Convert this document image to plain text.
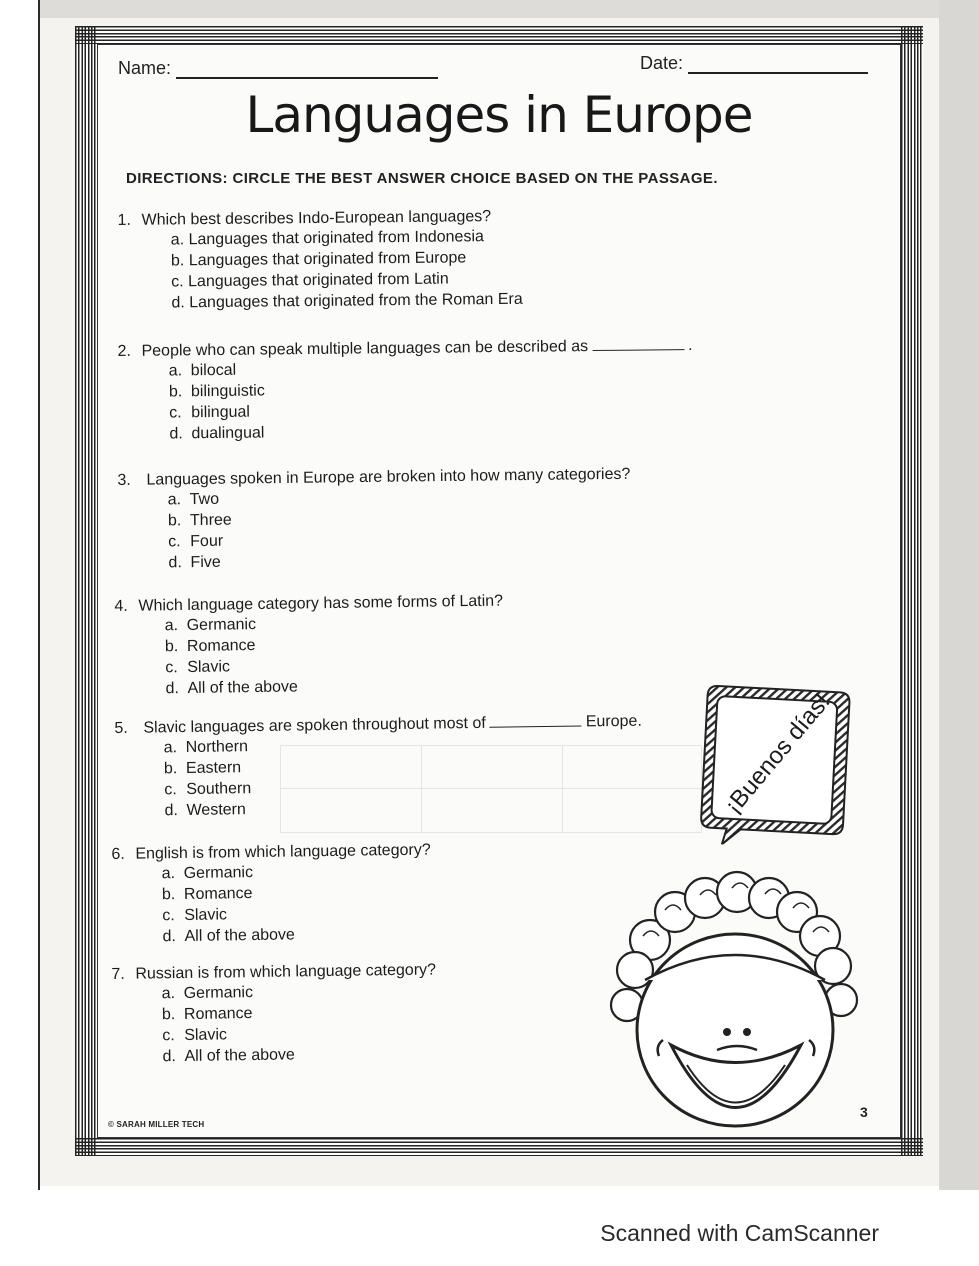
Name:	Date:
Languages in Europe
DIRECTIONS: CIRCLE THE BEST ANSWER CHOICE BASED ON THE PASSAGE.
1. Which best describes Indo-European languages?
a. Languages that originated from Indonesia
b. Languages that originated from Europe
c. Languages that originated from Latin
d. Languages that originated from the Roman Era
2. People who can speak multiple languages can be described as	.
a. bilocal
b. bilinguistic
c. bilingual
d. dualingual
3. Languages spoken in Europe are broken into how many categories?
a. Two
b. Three
c. Four
d. Five
4. Which language category has some forms of Latin?
a. Germanic
b. Romance
c. Slavic
d. All of the above
5. Slavic languages are spoken throughout most of	Europe.
a. Northern
b. Eastern
c. Southern
d. Western
6. English is from which language category?
a. Germanic
b. Romance
c. Slavic
d. All of the above
7. Russian is from which language category?
a. Germanic
b. Romance
c. Slavic
d. All of the above
¡Buenos días!
© SARAH MILLER TECH
3
Scanned with CamScanner
